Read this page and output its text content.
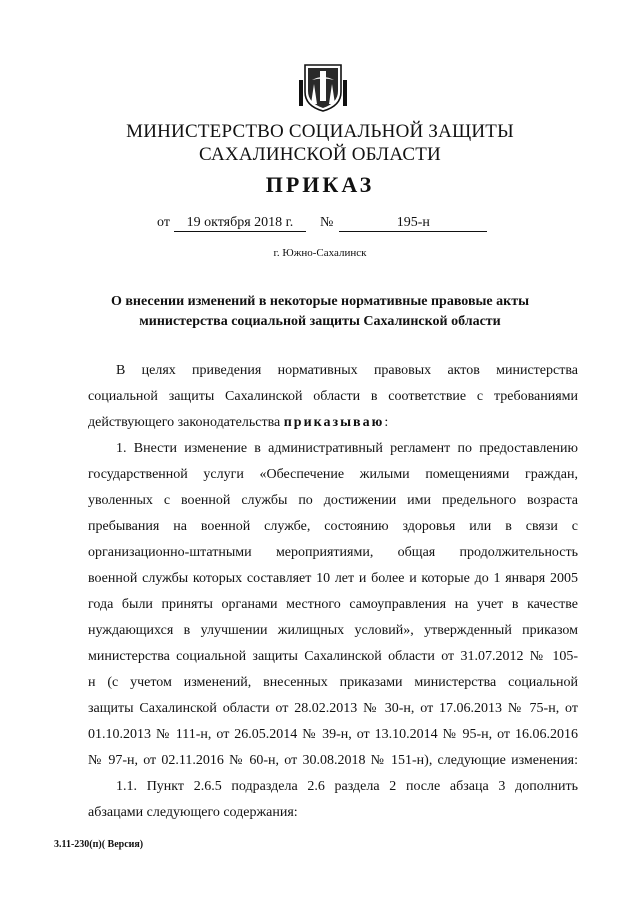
МИНИСТЕРСТВО СОЦИАЛЬНОЙ ЗАЩИТЫ
САХАЛИНСКОЙ ОБЛАСТИ
ПРИКАЗ
от 19 октября 2018 г. №	195-н
г. Южно-Сахалинск
О внесении изменений в некоторые нормативные правовые акты
министерства социальной защиты Сахалинской области
В целях приведения нормативных правовых актов министерства
социальной защиты Сахалинской области в соответствие с требованиями
действующего законодательства приказываю:
1. Внести изменение в административный регламент по предоставлению
государственной услуги «Обеспечение жилыми помещениями граждан,
уволенных с военной службы по достижении ими предельного возраста
пребывания на военной службе, состоянию здоровья или в связи с
организационно-штатными мероприятиями, общая продолжительность
военной службы которых составляет 10 лет и более и которые до 1 января 2005
года были приняты органами местного самоуправления на учет в качестве
нуждающихся в улучшении жилищных условий», утвержденный приказом
министерства социальной защиты Сахалинской области от 31.07.2012 № 105-
н (с учетом изменений, внесенных приказами министерства социальной
защиты Сахалинской области от 28.02.2013 № 30-н, от 17.06.2013 № 75-н, от
01.10.2013 № 111-н, от 26.05.2014 № 39-н, от 13.10.2014 № 95-н, от 16.06.2016
№ 97-н, от 02.11.2016 № 60-н, от 30.08.2018 № 151-н), следующие изменения:
1.1. Пункт 2.6.5 подраздела 2.6 раздела 2 после абзаца 3 дополнить
абзацами следующего содержания:
3.11-230(п)( Версия)
